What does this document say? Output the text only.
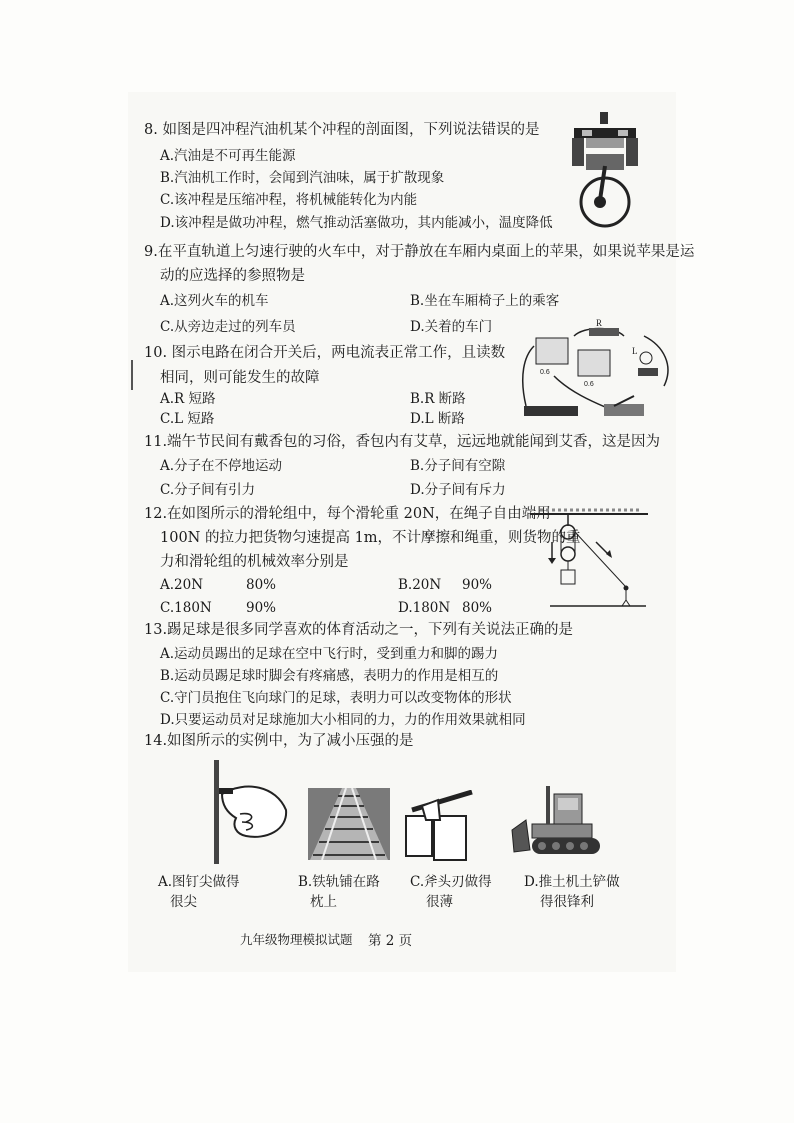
8. 如图是四冲程汽油机某个冲程的剖面图，下列说法错误的是
A.汽油是不可再生能源
B.汽油机工作时，会闻到汽油味，属于扩散现象
C.该冲程是压缩冲程，将机械能转化为内能
D.该冲程是做功冲程，燃气推动活塞做功，其内能减小，温度降低
9.在平直轨道上匀速行驶的火车中，对于静放在车厢内桌面上的苹果，如果说苹果是运
动的应选择的参照物是
A.这列火车的机车	B.坐在车厢椅子上的乘客
C.从旁边走过的列车员	D.关着的车门
10. 图示电路在闭合开关后，两电流表正常工作，且读数
相同，则可能发生的故障
A.R 短路	B.R 断路
C.L 短路	D.L 断路
R
0.6
0.6
L
11.端午节民间有戴香包的习俗，香包内有艾草，远远地就能闻到艾香，这是因为
A.分子在不停地运动	B.分子间有空隙
C.分子间有引力	D.分子间有斥力
12.在如图所示的滑轮组中，每个滑轮重 20N，在绳子自由端用
100N 的拉力把货物匀速提高 1m，不计摩擦和绳重，则货物的重
力和滑轮组的机械效率分别是
A.20N	80%	B.20N 90%
C.180N	90%	D.180N 80%
13.踢足球是很多同学喜欢的体育活动之一，下列有关说法正确的是
A.运动员踢出的足球在空中飞行时，受到重力和脚的踢力
B.运动员踢足球时脚会有疼痛感，表明力的作用是相互的
C.守门员抱住飞向球门的足球，表明力可以改变物体的形状
D.只要运动员对足球施加大小相同的力，力的作用效果就相同
14.如图所示的实例中，为了减小压强的是
A.图钉尖做得
很尖
B.铁轨铺在路
枕上
C.斧头刃做得
很薄
D.推土机土铲做
得很锋利
九年级物理模拟试题 第 2 页
